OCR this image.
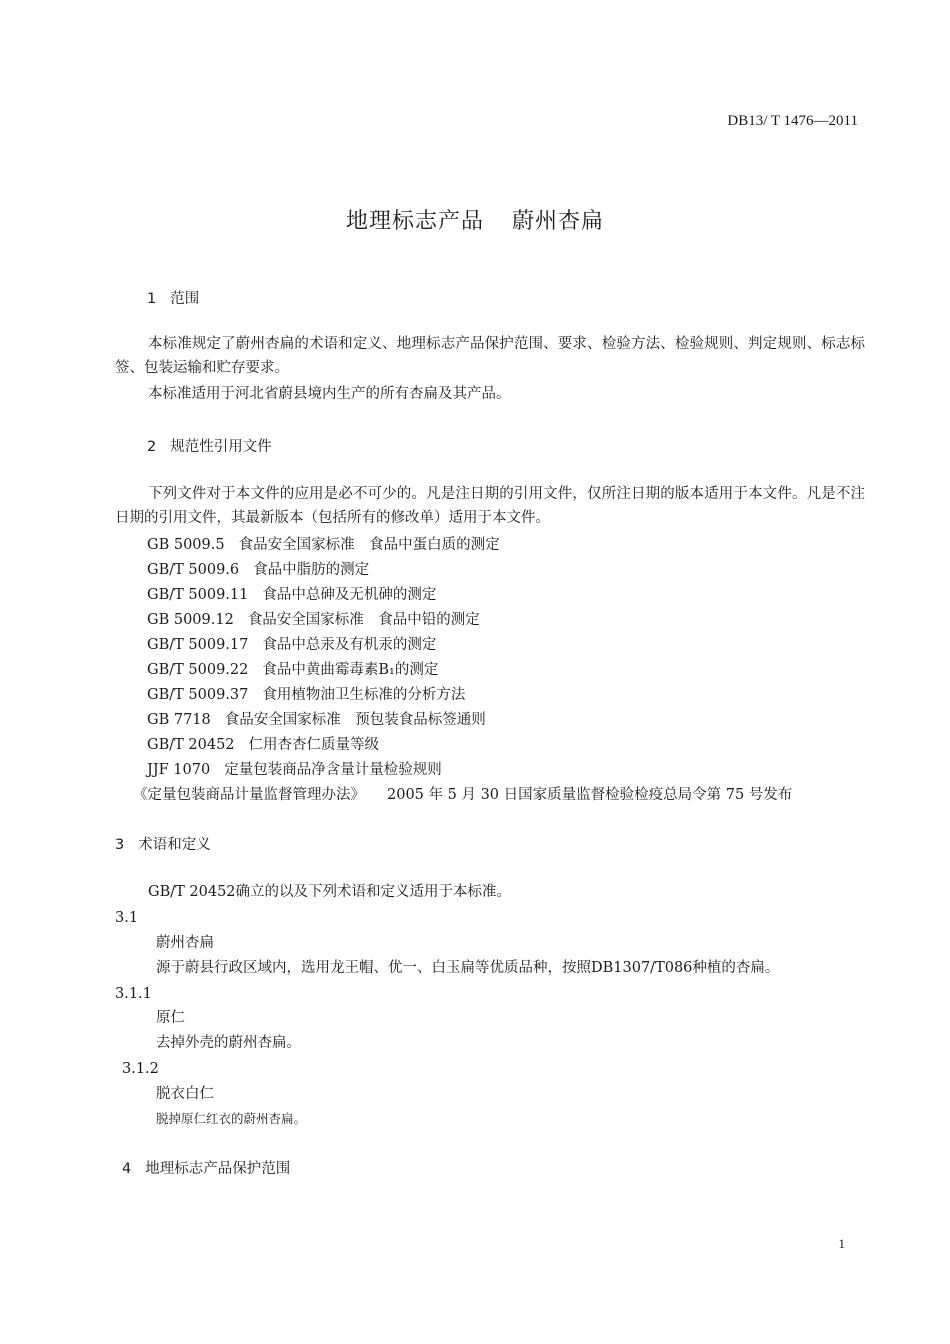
DB13/ T 1476—2011
地理标志产品 蔚州杏扁
1 范围
本标准规定了蔚州杏扁的术语和定义、地理标志产品保护范围、要求、检验方法、检验规则、判定规则、标志标签、包装运输和贮存要求。
本标准适用于河北省蔚县境内生产的所有杏扁及其产品。
2 规范性引用文件
下列文件对于本文件的应用是必不可少的。凡是注日期的引用文件，仅所注日期的版本适用于本文件。凡是不注日期的引用文件，其最新版本（包括所有的修改单）适用于本文件。
GB 5009.5 食品安全国家标准　食品中蛋白质的测定
GB/T 5009.6 食品中脂肪的测定
GB/T 5009.11 食品中总砷及无机砷的测定
GB 5009.12 食品安全国家标准　食品中铅的测定
GB/T 5009.17 食品中总汞及有机汞的测定
GB/T 5009.22 食品中黄曲霉毒素B₁的测定
GB/T 5009.37 食用植物油卫生标准的分析方法
GB 7718 食品安全国家标准　预包装食品标签通则
GB/T 20452 仁用杏杏仁质量等级
JJF 1070 定量包装商品净含量计量检验规则
《定量包装商品计量监督管理办法》 2005 年 5 月 30 日国家质量监督检验检疫总局令第 75 号发布
3 术语和定义
GB/T 20452确立的以及下列术语和定义适用于本标准。
3.1
蔚州杏扁
源于蔚县行政区域内，选用龙王帽、优一、白玉扁等优质品种，按照DB1307/T086种植的杏扁。
3.1.1
原仁
去掉外壳的蔚州杏扁。
3.1.2
脱衣白仁
脱掉原仁红衣的蔚州杏扁。
4 地理标志产品保护范围
1
